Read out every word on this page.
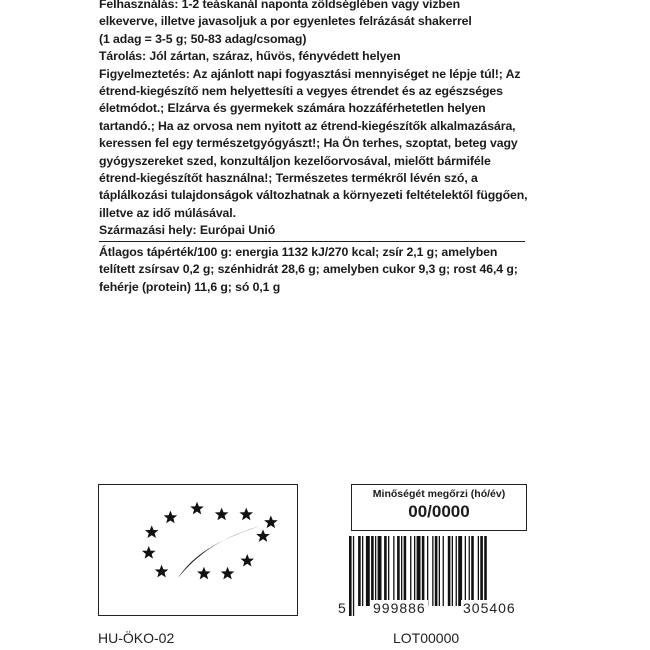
Felhasználás: 1-2 teáskanál naponta zöldséglében vagy vízben

elkeverve, illetve javasoljuk a por egyenletes felrázását shakerrel

(1 adag = 3-5 g; 50-83 adag/csomag)

Tárolás: Jól zártan, száraz, hűvös, fényvédett helyen

Figyelmeztetés: Az ajánlott napi fogyasztási mennyiséget ne lépje túl!; Az étrend-kiegészítő nem helyettesíti a vegyes étrendet és az egészséges életmódot.; Elzárva és gyermekek számára hozzáférhetetlen helyen tartandó.; Ha az orvosa nem nyitott az étrend-kiegészítők alkalmazására, keressen fel egy természetgyógyászt!; Ha Ön terhes, szoptat, beteg vagy gyógyszereket szed, konzultáljon kezelőorvosával, mielőtt bármiféle étrend-kiegészítőt használna!; Természetes termékről lévén szó, a táplálkozási tulajdonságok változhatnak a környezeti feltételektől függően, illetve az idő múlásával.

Származási hely: Európai Unió

Átlagos tápérték/100 g: energia 1132 kJ/270 kcal; zsír 2,1 g; amelyben telített zsírsav 0,2 g; szénhidrát 28,6 g; amelyben cukor 9,3 g; rost 46,4 g; fehérje (protein) 11,6 g; só 0,1 g

HU-ÖKO-02
Minőségét megőrzi (hó/év)
00/0000
5 999886	305406
LOT00000
